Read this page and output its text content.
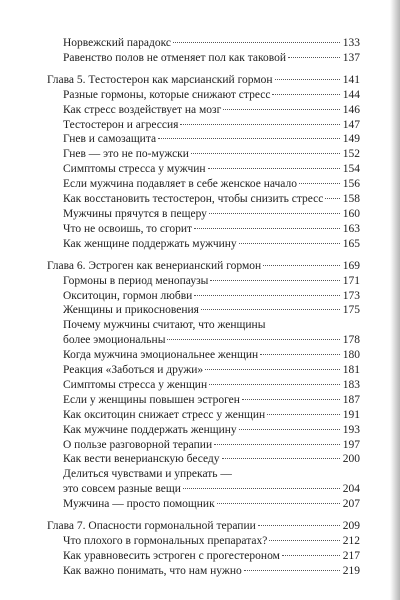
Норвежский парадокс	133
Равенство полов не отменяет пол как таковой	137
Глава 5. Тестостерон как марсианский гормон	141
Разные гормоны, которые снижают стресс	144
Как стресс воздействует на мозг	146
Тестостерон и агрессия	147
Гнев и самозащита	149
Гнев — это не по-мужски	152
Симптомы стресса у мужчин	154
Если мужчина подавляет в себе женское начало	156
Как восстановить тестостерон, чтобы снизить стресс 158
Мужчины прячутся в пещеру	160
Что не освоишь, то сгорит	163
Как женщине поддержать мужчину	165
Глава 6. Эстроген как венерианский гормон	169
Гормоны в период менопаузы	171
Окситоцин, гормон любви	173
Женщины и прикосновения	175
Почему мужчины считают, что женщины
более эмоциональны	178
Когда мужчина эмоциональнее женщин	180
Реакция «Заботься и дружи»	181
Симптомы стресса у женщин	183
Если у женщины повышен эстроген	187
Как окситоцин снижает стресс у женщин	191
Как мужчине поддержать женщину	193
О пользе разговорной терапии	197
Как вести венерианскую беседу	200
Делиться чувствами и упрекать —
это совсем разные вещи	204
Мужчина — просто помощник	207
Глава 7. Опасности гормональной терапии	209
Что плохого в гормональных препаратах?	212
Как уравновесить эстроген с прогестероном	217
Как важно понимать, что нам нужно	219
